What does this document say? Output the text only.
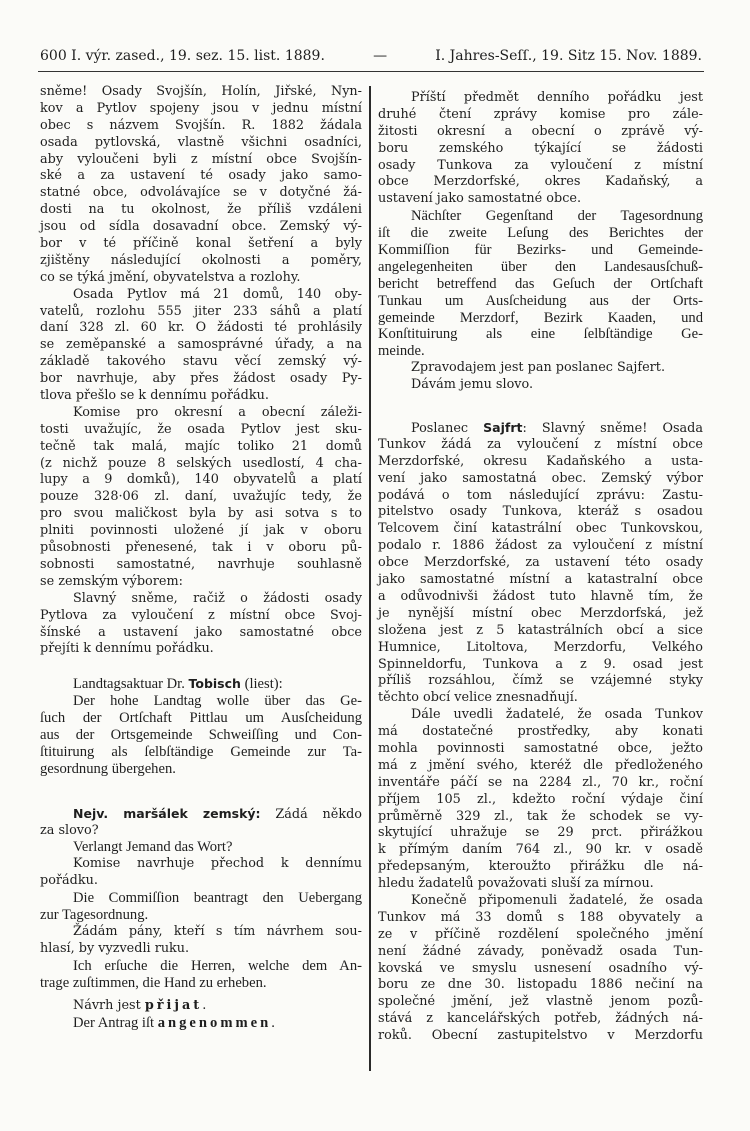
600 I. výr. zased., 19. sez. 15. list. 1889.	—	I. Jahres-Seſſ., 19. Sitz 15. Nov. 1889.
sněme! Osady Svojšín, Holín, Jiřské, Nyn-
kov a Pytlov spojeny jsou v jednu místní
obec s názvem Svojšín. R. 1882 žádala
osada pytlovská, vlastně všichni osadníci,
aby vyloučeni byli z místní obce Svojšín-
ské a za ustavení té osady jako samo-
statné obce, odvolávajíce se v dotyčné žá-
dosti na tu okolnost, že příliš vzdáleni
jsou od sídla dosavadní obce. Zemský vý-
bor v té příčině konal šetření a byly
zjištěny následující okolnosti a poměry,
co se týká jmění, obyvatelstva a rozlohy.
Osada Pytlov má 21 domů, 140 oby-
vatelů, rozlohu 555 jiter 233 sáhů a platí
daní 328 zl. 60 kr. O žádosti té prohlásily
se zeměpanské a samosprávné úřady, a na
základě takového stavu věcí zemský vý-
bor navrhuje, aby přes žádost osady Py-
tlova přešlo se k dennímu pořádku.
Komise pro okresní a obecní záleži-
tosti uvažujíc, že osada Pytlov jest sku-
tečně tak malá, majíc toliko 21 domů
(z nichž pouze 8 selských usedlostí, 4 cha-
lupy a 9 domků), 140 obyvatelů a platí
pouze 328·06 zl. daní, uvažujíc tedy, že
pro svou maličkost byla by asi sotva s to
plniti povinnosti uložené jí jak v oboru
působnosti přenesené, tak i v oboru pů-
sobnosti samostatné, navrhuje souhlasně
se zemským výborem:
Slavný sněme, račiž o žádosti osady
Pytlova za vyloučení z místní obce Svoj-
šínské a ustavení jako samostatné obce
přejíti k dennímu pořádku.
Landtagsaktuar Dr. Tobisch (liest):
Der hohe Landtag wolle über das Ge-
ſuch der Ortſchaft Pittlau um Ausſcheidung
aus der Ortsgemeinde Schweiſſing und Con-
ſtituirung als ſelbſtändige Gemeinde zur Ta-
gesordnung übergehen.
Nejv. maršálek zemský: Zádá někdo
za slovo?
Verlangt Jemand das Wort?
Komise navrhuje přechod k dennímu
pořádku.
Die Commiſſion beantragt den Uebergang
zur Tagesordnung.
Žádám pány, kteří s tím návrhem sou-
hlasí, by vyzvedli ruku.
Ich erſuche die Herren, welche dem An-
trage zuſtimmen, die Hand zu erheben.
Návrh jest přijat.
Der Antrag iſt angenommen.
Příští předmět denního pořádku jest
druhé čtení zprávy komise pro zále-
žitosti okresní a obecní o zprávě vý-
boru zemského týkající se žádosti
osady Tunkova za vyloučení z místní
obce Merzdorfské, okres Kadaňský, a
ustavení jako samostatné obce.
Nächſter Gegenſtand der Tagesordnung
iſt die zweite Leſung des Berichtes der
Kommiſſion für Bezirks- und Gemeinde-
angelegenheiten über den Landesausſchuß-
bericht betreffend das Geſuch der Ortſchaft
Tunkau um Ausſcheidung aus der Orts-
gemeinde Merzdorf, Bezirk Kaaden, und
Konſtituirung als eine ſelbſtändige Ge-
meinde.
Zpravodajem jest pan poslanec Sajfert.
Dávám jemu slovo.
Poslanec Sajfrt: Slavný sněme! Osada
Tunkov žádá za vyloučení z místní obce
Merzdorfské, okresu Kadaňského a usta-
vení jako samostatná obec. Zemský výbor
podává o tom následující zprávu: Zastu-
pitelstvo osady Tunkova, kteráž s osadou
Telcovem činí katastrální obec Tunkovskou,
podalo r. 1886 žádost za vyloučení z místní
obce Merzdorfské, za ustavení této osady
jako samostatné místní a katastralní obce
a odůvodnivši žádost tuto hlavně tím, že
je nynější místní obec Merzdorfská, jež
složena jest z 5 katastrálních obcí a sice
Humnice, Litoltova, Merzdorfu, Velkého
Spinneldorfu, Tunkova a z 9. osad jest
příliš rozsáhlou, čímž se vzájemné styky
těchto obcí velice znesnadňují.
Dále uvedli žadatelé, že osada Tunkov
má dostatečné prostředky, aby konati
mohla povinnosti samostatné obce, ježto
má z jmění svého, kteréž dle předloženého
inventáře páčí se na 2284 zl., 70 kr., roční
příjem 105 zl., kdežto roční výdaje činí
průměrně 329 zl., tak že schodek se vy-
skytující uhražuje se 29 prct. přirážkou
k přímým daním 764 zl., 90 kr. v osadě
předepsaným, kteroužto přirážku dle ná-
hledu žadatelů považovati sluší za mírnou.
Konečně připomenuli žadatelé, že osada
Tunkov má 33 domů s 188 obyvately a
ze v příčině rozdělení společného jmění
není žádné závady, poněvadž osada Tun-
kovská ve smyslu usnesení osadního vý-
boru ze dne 30. listopadu 1886 nečiní na
společné jmění, jež vlastně jenom pozů-
stává z kancelářských potřeb, žádných ná-
roků. Obecní zastupitelstvo v Merzdorfu
